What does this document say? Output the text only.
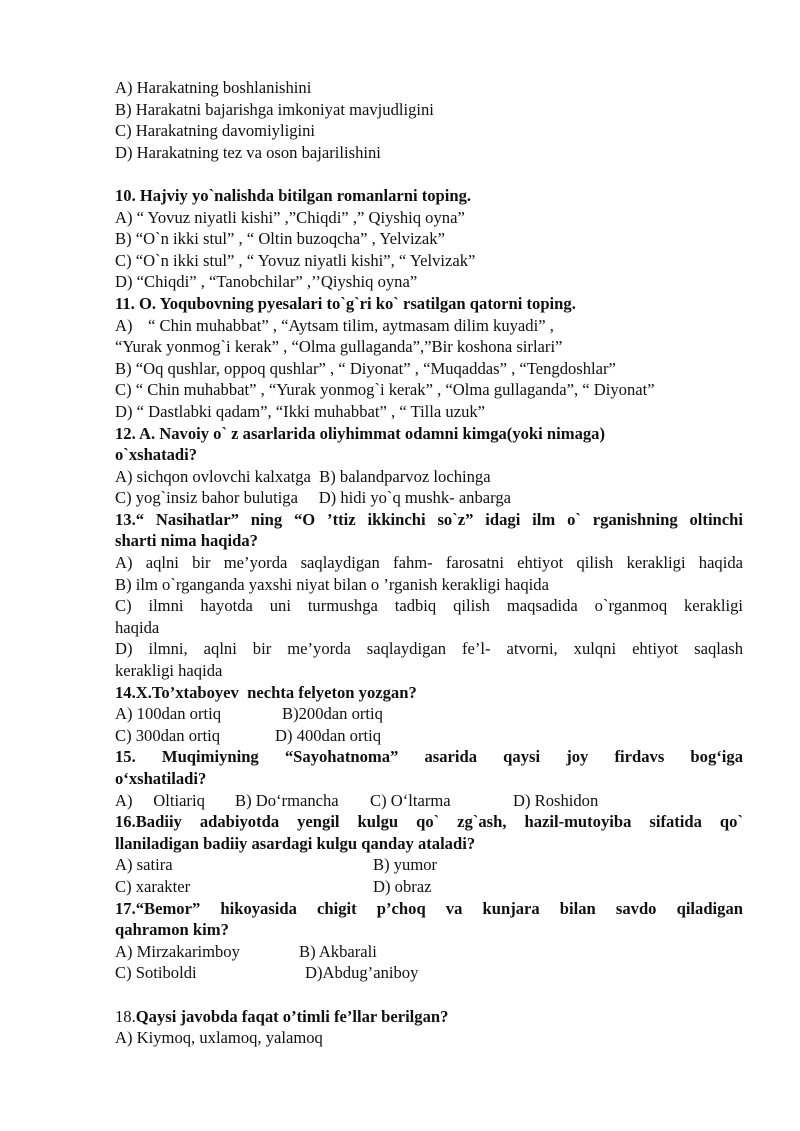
A) Harakatning boshlanishini
B) Harakatni bajarishga imkoniyat mavjudligini
C) Harakatning davomiyligini
D) Harakatning tez va oson bajarilishini
10. Hajviy yo`nalishda bitilgan romanlarni toping.
A) “ Yovuz niyatli kishi” ,”Chiqdi” ,” Qiyshiq oyna”
B) “O`n ikki stul” , “ Oltin buzoqcha” , Yelvizak”
C) “O`n ikki stul” , “ Yovuz niyatli kishi”, “ Yelvizak”
D) “Chiqdi” , “Tanobchilar” ,’’Qiyshiq oyna”
11. O. Yoqubovning pyesalari to`g`ri ko` rsatilgan qatorni toping.
A) “ Chin muhabbat” , “Aytsam tilim, aytmasam dilim kuyadi” ,
“Yurak yonmog`i kerak” , “Olma gullaganda”,”Bir koshona sirlari”
B) “Oq qushlar, oppoq qushlar” , “ Diyonat” , “Muqaddas” , “Tengdoshlar”
C) “ Chin muhabbat” , “Yurak yonmog`i kerak” , “Olma gullaganda”, “ Diyonat”
D) “ Dastlabki qadam”, “Ikki muhabbat” , “ Tilla uzuk”
12. A. Navoiy o` z asarlarida oliyhimmat odamni kimga(yoki nimaga)
o`xshatadi?
A) sichqon ovlovchi kalxatga  B) balandparvoz lochinga
C) yog`insiz bahor bulutiga     D) hidi yo`q mushk- anbarga
13.“ Nasihatlar” ning “O ’ttiz ikkinchi so`z” idagi ilm o` rganishning oltinchi
sharti nima haqida?
A) aqlni bir me’yorda saqlaydigan fahm- farosatni ehtiyot qilish kerakligi haqida
B) ilm o`rganganda yaxshi niyat bilan o ’rganish kerakligi haqida
C) ilmni hayotda uni turmushga tadbiq qilish maqsadida o`rganmoq kerakligi
haqida
D) ilmni, aqlni bir me’yorda saqlaydigan fe’l- atvorni, xulqni ehtiyot saqlash
kerakligi haqida
14.X.To’xtaboyev  nechta felyeton yozgan?
A) 100dan ortiq	B)200dan ortiq
C) 300dan ortiq	D) 400dan ortiq
15. Muqimiyning “Sayohatnoma” asarida qaysi joy firdavs bog‘iga
o‘xshatiladi?
A)     Oltiariq	B) Do‘rmancha	C) O‘ltarma	D) Roshidon
16.Badiiy adabiyotda yengil kulgu qo` zg`ash, hazil-mutoyiba sifatida qo`
llaniladigan badiiy asardagi kulgu qanday ataladi?
A) satira	B) yumor
C) xarakter	D) obraz
17.“Bemor” hikoyasida chigit p’choq va kunjara bilan savdo qiladigan
qahramon kim?
A) Mirzakarimboy	B) Akbarali
C) Sotiboldi	D)Abdug’aniboy
18.Qaysi javobda faqat o’timli fe’llar berilgan?
A) Kiymoq, uxlamoq, yalamoq
